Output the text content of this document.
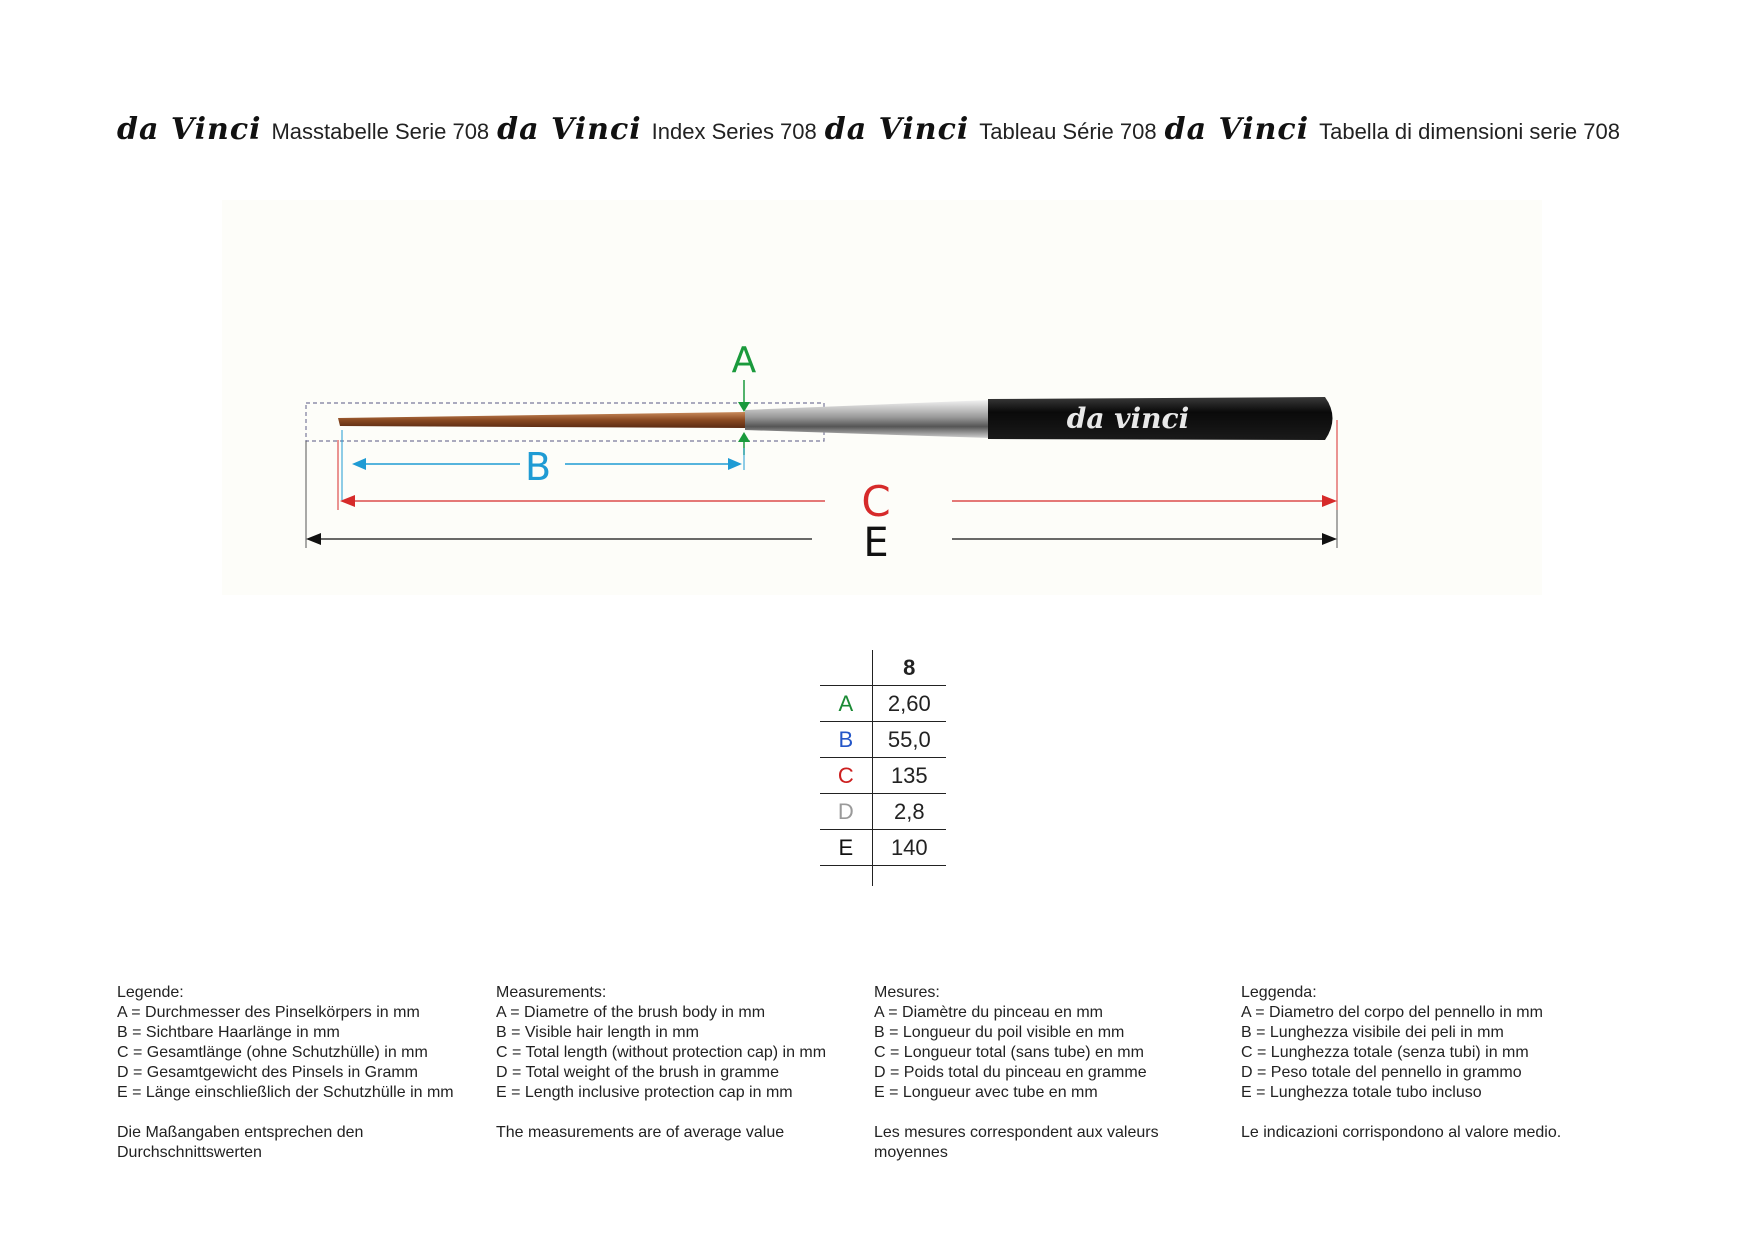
da Vinci Masstabelle Serie 708 da Vinci Index Series 708 da Vinci Tableau Série 708 da Vinci Tabella di dimensioni serie 708
da vinci
A
B
C
E
8
A	2,60
B	55,0
C	135
D	2,8
E	140
Legende:
A = Durchmesser des Pinselkörpers in mm
B = Sichtbare Haarlänge in mm
C = Gesamtlänge (ohne Schutzhülle) in mm
D = Gesamtgewicht des Pinsels in Gramm
E = Länge einschließlich der Schutzhülle in mm
Die Maßangaben entsprechen den
Durchschnittswerten
Measurements:
A = Diametre of the brush body in mm
B = Visible hair length in mm
C = Total length (without protection cap) in mm
D = Total weight of the brush in gramme
E = Length inclusive protection cap in mm
The measurements are of average value
Mesures:
A = Diamètre du pinceau en mm
B = Longueur du poil visible en mm
C = Longueur total (sans tube) en mm
D = Poids total du pinceau en gramme
E = Longueur avec tube en mm
Les mesures correspondent aux valeurs
moyennes
Leggenda:
A = Diametro del corpo del pennello in mm
B = Lunghezza visibile dei peli in mm
C = Lunghezza totale (senza tubi) in mm
D = Peso totale del pennello in grammo
E = Lunghezza totale tubo incluso
Le indicazioni corrispondono al valore medio.
